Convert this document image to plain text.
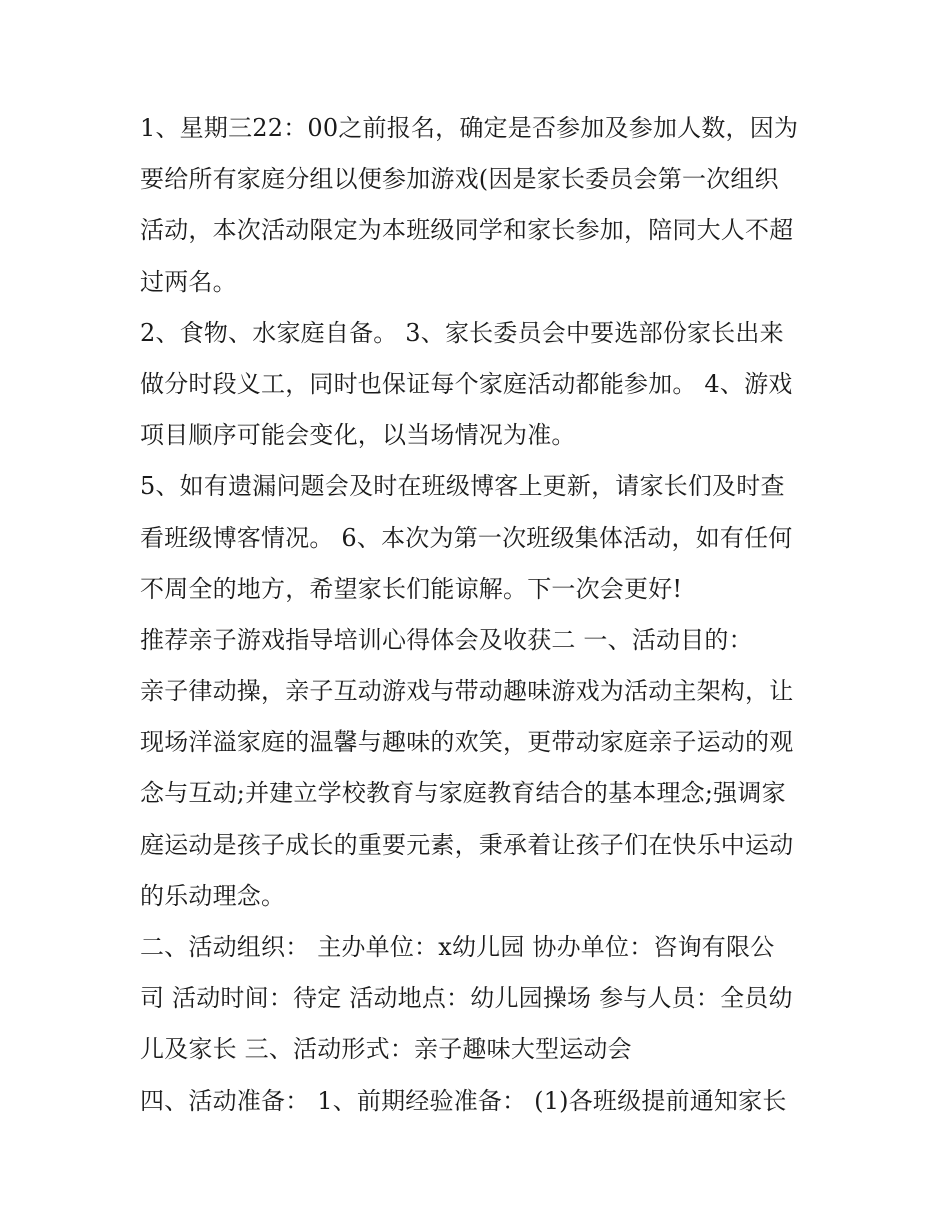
1、星期三22：00之前报名，确定是否参加及参加人数，因为
要给所有家庭分组以便参加游戏(因是家长委员会第一次组织
活动，本次活动限定为本班级同学和家长参加，陪同大人不超
过两名。
2、食物、水家庭自备。 3、家长委员会中要选部份家长出来
做分时段义工，同时也保证每个家庭活动都能参加。 4、游戏
项目顺序可能会变化，以当场情况为准。
5、如有遗漏问题会及时在班级博客上更新，请家长们及时查
看班级博客情况。 6、本次为第一次班级集体活动，如有任何
不周全的地方，希望家长们能谅解。下一次会更好!
推荐亲子游戏指导培训心得体会及收获二 一、活动目的：
亲子律动操，亲子互动游戏与带动趣味游戏为活动主架构，让
现场洋溢家庭的温馨与趣味的欢笑，更带动家庭亲子运动的观
念与互动;并建立学校教育与家庭教育结合的基本理念;强调家
庭运动是孩子成长的重要元素，秉承着让孩子们在快乐中运动
的乐动理念。
二、活动组织： 主办单位：x幼儿园 协办单位：咨询有限公
司 活动时间：待定 活动地点：幼儿园操场 参与人员：全员幼
儿及家长 三、活动形式：亲子趣味大型运动会
四、活动准备： 1、前期经验准备： (1)各班级提前通知家长
